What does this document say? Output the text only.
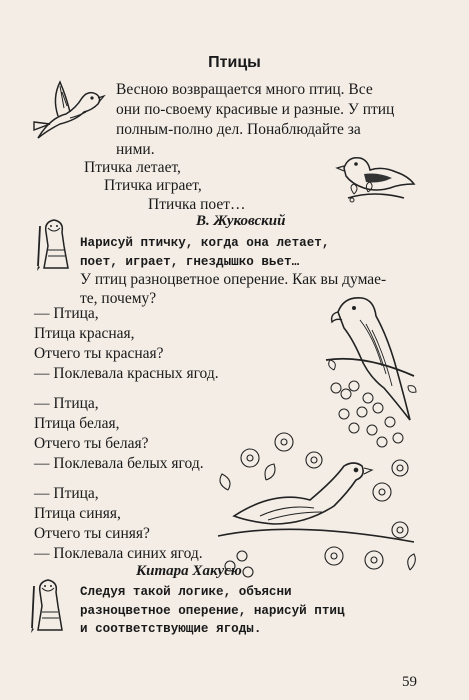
Птицы
Весною возвращается много птиц. Все
они по-своему красивые и разные. У птиц
полным-полно дел. Понаблюдайте за
ними.
Птичка летает,
Птичка играет,
Птичка поет…
В. Жуковский
Нарисуй птичку, когда она летает,
поет, играет, гнездышко вьет…
У птиц разноцветное оперение. Как вы думае-
те, почему?
— Птица,
Птица красная,
Отчего ты красная?
— Поклевала красных ягод.
— Птица,
Птица белая,
Отчего ты белая?
— Поклевала белых ягод.
— Птица,
Птица синяя,
Отчего ты синяя?
— Поклевала синих ягод.
Китара Хакусю
Следуя такой логике, объясни
разноцветное оперение, нарисуй птиц
и соответствующие ягоды.
59
